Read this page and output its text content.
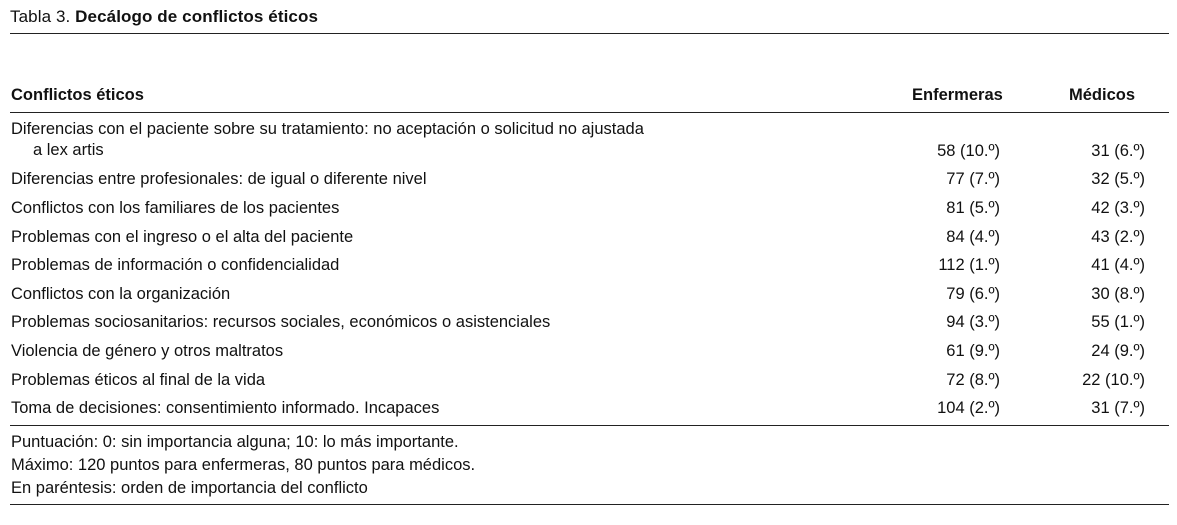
Tabla 3. Decálogo de conflictos éticos
Conflictos éticos	Enfermeras	Médicos
Diferencias con el paciente sobre su tratamiento: no aceptación o solicitud no ajustada
a lex artis	58 (10.º)	31 (6.º)
Diferencias entre profesionales: de igual o diferente nivel	77 (7.º)	32 (5.º)
Conflictos con los familiares de los pacientes	81 (5.º)	42 (3.º)
Problemas con el ingreso o el alta del paciente	84 (4.º)	43 (2.º)
Problemas de información o confidencialidad	112 (1.º)	41 (4.º)
Conflictos con la organización	79 (6.º)	30 (8.º)
Problemas sociosanitarios: recursos sociales, económicos o asistenciales	94 (3.º)	55 (1.º)
Violencia de género y otros maltratos	61 (9.º)	24 (9.º)
Problemas éticos al final de la vida	72 (8.º)	22 (10.º)
Toma de decisiones: consentimiento informado. Incapaces	104 (2.º)	31 (7.º)
Puntuación: 0: sin importancia alguna; 10: lo más importante.
Máximo: 120 puntos para enfermeras, 80 puntos para médicos.
En paréntesis: orden de importancia del conflicto
